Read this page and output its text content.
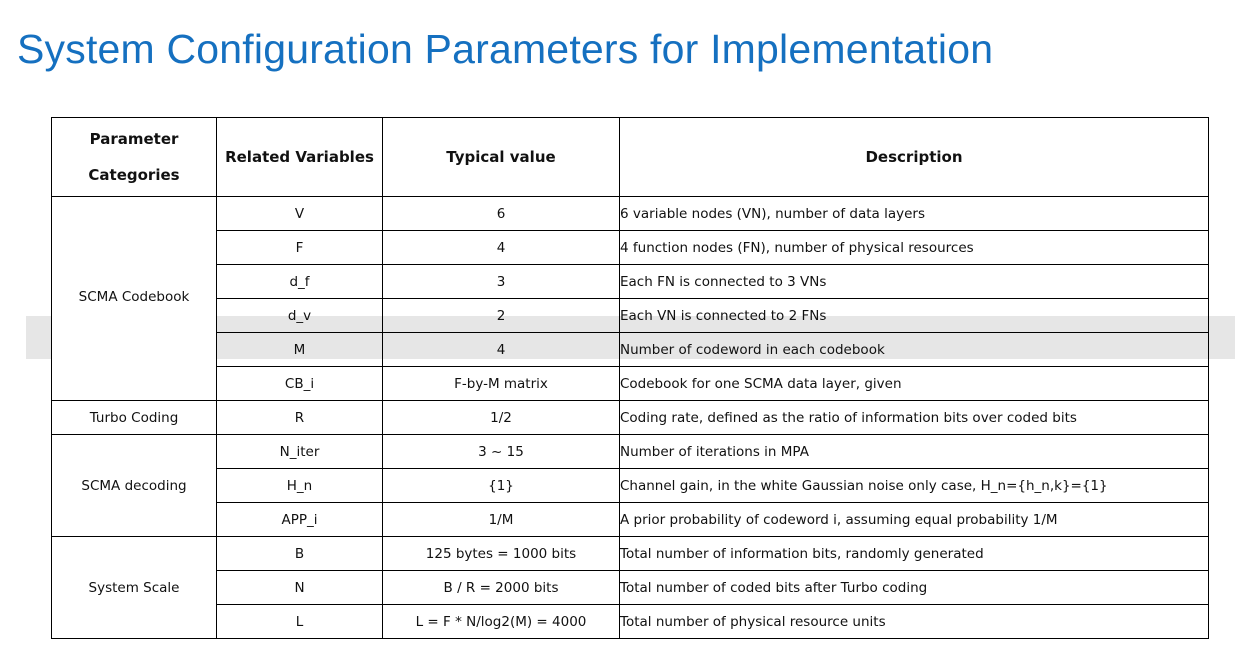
System Configuration Parameters for Implementation
Parameter Categories	Related Variables	Typical value	Description
SCMA Codebook	V	6	6 variable nodes (VN), number of data layers
	F	4	4 function nodes (FN), number of physical resources
	d_f	3	Each FN is connected to 3 VNs
	d_v	2	Each VN is connected to 2 FNs
	M	4	Number of codeword in each codebook
	CB_i	F-by-M matrix	Codebook for one SCMA data layer, given
Turbo Coding	R	1/2	Coding rate, defined as the ratio of information bits over coded bits
SCMA decoding	N_iter	3 ~ 15	Number of iterations in MPA
	H_n	{1}	Channel gain, in the white Gaussian noise only case, H_n={h_n,k}={1}
	APP_i	1/M	A prior probability of codeword i, assuming equal probability 1/M
System Scale	B	125 bytes = 1000 bits	Total number of information bits, randomly generated
	N	B / R = 2000 bits	Total number of coded bits after Turbo coding
	L	L = F * N/log2(M) = 4000	Total number of physical resource units
